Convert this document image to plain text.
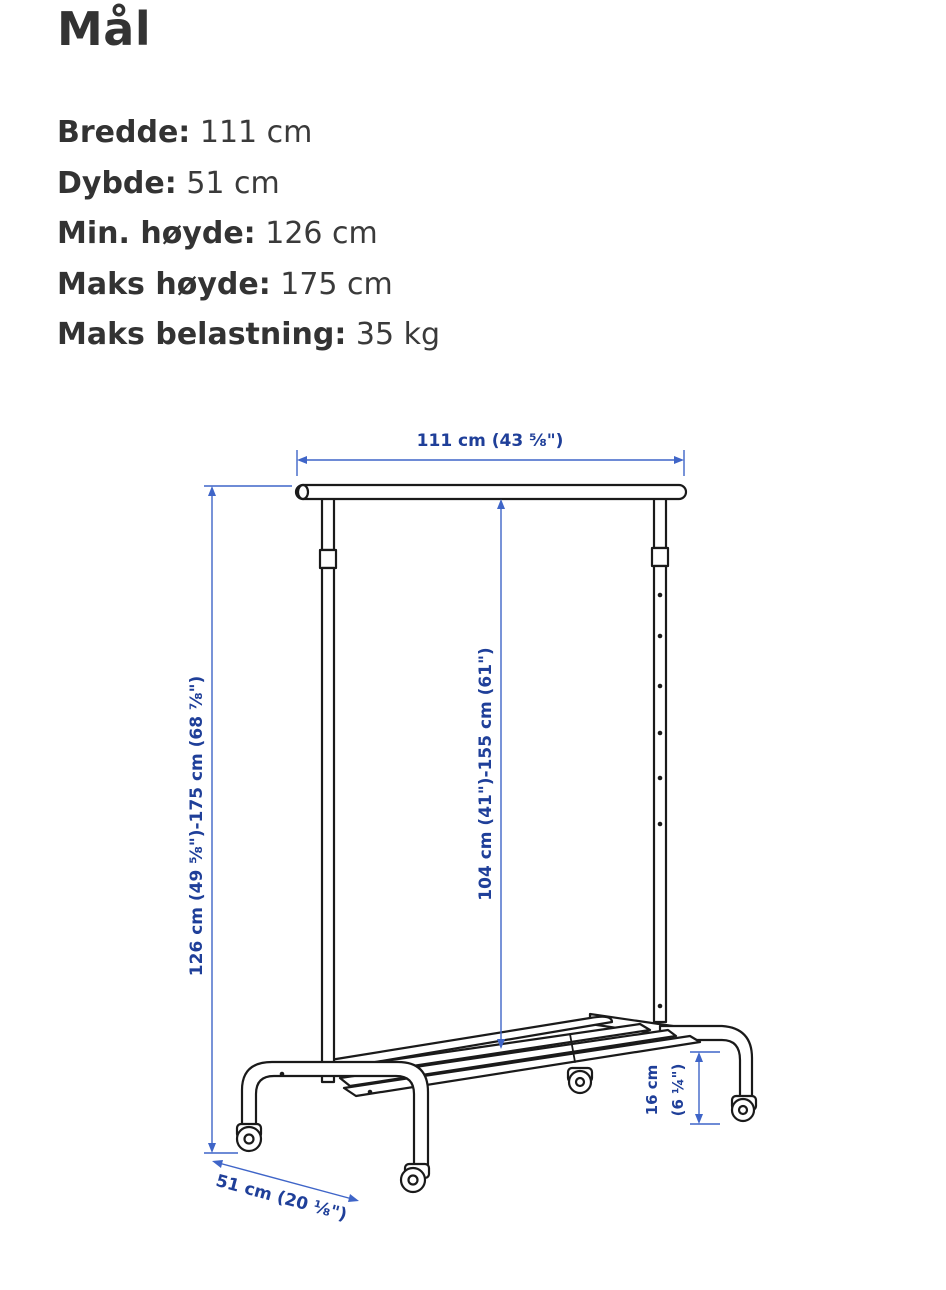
Mål
Bredde: 111 cm
Dybde: 51 cm
Min. høyde: 126 cm
Maks høyde: 175 cm
Maks belastning: 35 kg
111 cm (43 ⅝")
126 cm (49 ⅝")-175 cm (68 ⅞")	104 cm (41")-155 cm (61")
16 cm (6 ¼")
51 cm (20 ⅛")
